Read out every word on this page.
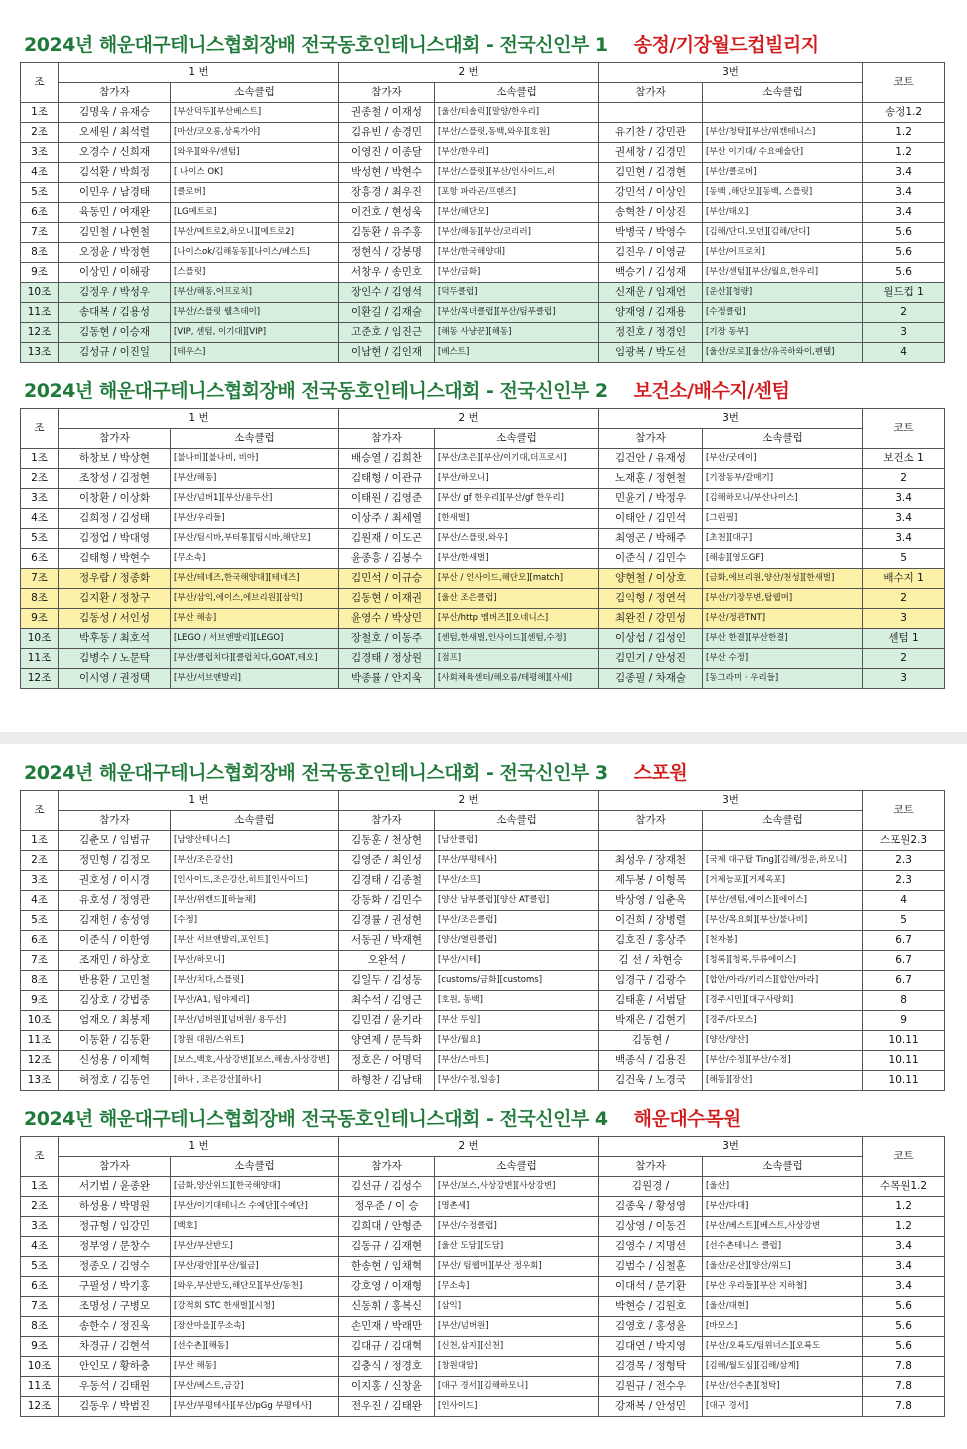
2024년 해운대구테니스협회장배 전국동호인테니스대회 - 전국신인부 1 송정/기장월드컵빌리지
조	1 번		2 번		3번		코트
	참가자	소속클럽	참가자	소속클럽	참가자	소속클럽	
1조	김명욱 / 유재승	[부산덕두][부산베스트]	권종철 / 이재성	[울산/티솔릭][말양/한우리]			송정1.2
2조	오세원 / 최석렬	[마산/코오롱,상록가야]	김유빈 / 송경민	[부산/스플릿,동백,와우][호원]	유기찬 / 강민관	[부산/청탁][부산/위캔테니스]	1.2
3조	오경수 / 신희재	[와우][와우/센텀]	이영진 / 이종달	[부산/한우리]	권세창 / 김경민	[부산 이기대/ 수요예술단]	1.2
4조	김석환 / 박희정	[ 나이스 OK]	박성현 / 박현수	[부산/스플릿][부산/인사이드,러	김민현 / 김경현	[부산/클로버]	3.4
5조	이민우 / 남경태	[클로버]	장흥경 / 최우진	[포항 파라곤/프랜즈]	강민석 / 이상인	[동백 ,해단모][동백, 스플릿]	3.4
6조	육동민 / 여재완	[LG메트로]	이건호 / 현성욱	[부산/해단모]	송혁찬 / 이상진	[부산/태오]	3.4
7조	김민철 / 나현철	[부산/메트로2,하모니][메트로2]	김동환 / 유주홍	[부산/해동][부산/코리러]	박병국 / 박영수	[김해/단디.모던][김해/단디]	5.6
8조	오정윤 / 박정현	[나이스ok/김해동동][나이스/베스트]	정현식 / 강봉명	[부산/한국해양대]	김진우 / 이영균	[부산/어프로치]	5.6
9조	이상민 / 이해광	[스플릿]	서창우 / 송민호	[부산/금화]	백승기 / 김성재	[부산/센텀][부산/월요,한우리]	5.6
10조	김정우 / 박성우	[부산/해동,어프로치]	장인수 / 김영석	[덕두클럽]	신재운 / 임재언	[운산][청량]	월드컵 1
11조	송대복 / 김용성	[부산/스플릿 웰츠데이]	이환길 / 김재술	[부산/목녀클럽][부산/팀푸클럽]	양재영 / 김재용	[수정클럽]	2
12조	김동현 / 이승재	[VIP, 센텀, 이기대][VIP]	고준호 / 임진근	[해동 사냥꾼][해동]	정진호 / 정경인	[기장 동부]	3
13조	김성규 / 이진일	[테우스]	이남현 / 김인재	[베스트]	임광복 / 박도선	[울산/로로][울산/유곡하와이,펜텔]	4
2024년 해운대구테니스협회장배 전국동호인테니스대회 - 전국신인부 2 보건소/배수지/센텀
조	1 번		2 번		3번		코트
	참가자	소속클럽	참가자	소속클럽	참가자	소속클럽	
1조	하창보 / 박상현	[불나비][불나비, 비아]	배승열 / 김희찬	[부산/초은][부산/이기대,더프로시]	김건안 / 유재성	[부산/굿데이]	보건소 1
2조	조창성 / 김정현	[부산/해동]	김태형 / 이관규	[부산/하모니]	노재훈 / 정현철	[기장동부/갈매기]	2
3조	이창환 / 이상화	[부산/넘버1][부산/용두산]	이태원 / 김영준	[부산/ gf 한우리][부산/gf 한우리]	민윤기 / 박정우	[김해하모니/부산나이스]	3.4
4조	김희정 / 김성태	[부산/우리들]	이상주 / 최세열	[한새벌]	이태안 / 김민석	[그린필]	3.4
5조	김정업 / 박대영	[부산/팀시바,부터통][팀시바,해단모]	김원재 / 이도곤	[부산/스플릿,와우]	최영곤 / 박해주	[초천][대구]	3.4
6조	김태형 / 박현수	[무소속]	윤종흥 / 김봉수	[부산/한새벌]	이준식 / 김민수	[해송][영도GF]	5
7조	정우람 / 정종화	[부산/테네즈,한국해양대][테네즈]	김민석 / 이규승	[부산 / 인사이드,해단모][match]	양현철 / 이상호	[금화,에브리원,양산/천성][한새벌]	배수지 1
8조	김지환 / 정창구	[부산/삼익,에이스,에브리원][삼익]	김동현 / 이재권	[울산 조은클럽]	김익형 / 정연석	[부산/기장무변,탑웹머]	2
9조	김동성 / 서인성	[부산 해송]	윤영수 / 박상민	[부산/http 멤버즈][오네니스]	최완진 / 강민성	[부산/정관TNT]	3
10조	박후동 / 최호석	[LEGO / 서브앤발리][LEGO]	장철호 / 이동주	[센텀,한새벌,인사이드][센텀,수정]	이상섭 / 김성인	[부산 한결][부산한결]	센텀 1
11조	김병수 / 노문탁	[부산/클럽치다][클럽치다,GOAT,테오]	김경태 / 정상원	[점프]	김민기 / 안성진	[부산 수정]	2
12조	이시영 / 권정택	[부산/서브앤발리]	박종률 / 안지욱	[사회체육센터/해오름/테평해][사세]	김종필 / 차재술	[동그라미 · 우리들]	3
2024년 해운대구테니스협회장배 전국동호인테니스대회 - 전국신인부 3 스포원
조	1 번		2 번		3번		코트
	참가자	소속클럽	참가자	소속클럽	참가자	소속클럽	
1조	김춘모 / 임범규	[남양산테니스]	김동훈 / 천상현	[남산클럽]			스포원2.3
2조	정민형 / 김정모	[부산/조은강산]	김영준 / 최인성	[부산/부평테사]	최성우 / 장재천	[국제 대구탑 Ting][김해/정운,하모니]	2.3
3조	권호성 / 이시경	[인사이드,조은강산,히트][인사이드]	김경태 / 김종철	[부산/소프]	제두봉 / 이형목	[거제능포][거제옥포]	2.3
4조	유호성 / 정영관	[부산/위캔드][하늘채]	강동화 / 김민수	[양산 남부클럽][양산 AT클럽]	박상영 / 임춘옥	[부산/센텀,에이스][에이스]	4
5조	김재헌 / 송성영	[수정]	김경률 / 권성현	[부산/조은클럽]	이건희 / 장병렬	[부산/목요회][부산/불나비]	5
6조	이준식 / 이한영	[부산 서브앤발리,포인트]	서동권 / 박재현	[양산/열린클럽]	김호진 / 홍상주	[천자봉]	6.7
7조	조재민 / 하상호	[부산/하모니]	오완석 /	[부산/시테]	김 선 / 차현승	[청록][청록,두류에이스]	6.7
8조	반용환 / 고민철	[부산/치다,스플릿]	김일두 / 김성동	[customs/금화][customs]	임경구 / 김광수	[합안/아라/키리스][합안/아라]	6.7
9조	김상호 / 강법중	[부산/A1, 팀야제리]	최수석 / 김영근	[호원, 동백]	김태훈 / 서범달	[경주시민][대구사랑회]	8
10조	엄재오 / 최봉제	[부산/넘버원][넘버원/ 용두산]	김민겸 / 윤기라	[부산 두일]	박재은 / 김현기	[경주/다모스]	9
11조	이동환 / 김동환	[창원 대원/스위트]	양연제 / 문득화	[부산/월요]	김동현 /	[양산/양산]	10.11
12조	신성용 / 이제혁	[보스,백호,사상강변][보스,해솔,사상강변]	정호은 / 어명덕	[부산/스마트]	백종식 / 김용진	[부산/수정][부산/수정]	10.11
13조	허정호 / 김동언	[하나 , 조은강산][하나]	하형찬 / 김남태	[부산/수정,일송]	김건욱 / 노경국	[해동][장산]	10.11
2024년 해운대구테니스협회장배 전국동호인테니스대회 - 전국신인부 4 해운대수목원
조	1 번		2 번		3번		코트
	참가자	소속클럽	참가자	소속클럽	참가자	소속클럽	
1조	서기범 / 윤종완	[금화,양산위드][한국해양대]	김선규 / 김성수	[부산/보스,사상강변][사상강변]	김원경 /	[울산]	수목원1.2
2조	하성용 / 박명원	[부산/이기대테니스 수예단][수예단]	정우준 / 이 승	[명촌세]	김종욱 / 황성영	[부산/다대]	1.2
3조	정규형 / 임강민	[백호]	김희대 / 안형준	[부산/수정클럽]	김상영 / 이동건	[부산/베스트][베스트,사상강변	1.2
4조	정부영 / 문창수	[부산/부산반도]	김동규 / 김재현	[울산 도담][도담]	김영수 / 지명선	[선수촌테니스 클럽]	3.4
5조	정종오 / 김영수	[부산/광안][부산/월금]	한송현 / 임채혁	[부산/ 팀웹머][부산 정우회]	김범수 / 심철훈	[울산/온산][양산/위드]	3.4
6조	구필성 / 박기홍	[와우,부산반도,해단모][부산/동천]	강호영 / 이재형	[무소속]	이대석 / 문기환	[부산 우리들][부산 지하철]	3.4
7조	조명성 / 구병모	[강적회 STC 한새벌][시청]	신동휘 / 홍복신	[삼익]	박현승 / 김원호	[울산/대현]	5.6
8조	송한수 / 정진욱	[장산마을][무소속]	손민재 / 박래만	[부산/넘버원]	김영호 / 홍성윤	[바모스]	5.6
9조	차경규 / 김현석	[선수촌][해동]	김대규 / 김대혁	[신천,삼지][신천]	김대연 / 박지영	[부산/오륙도/팀위너스][오륙도	5.6
10조	안인모 / 황하충	[부산 해동]	김충식 / 정경호	[창원대암]	김경목 / 정형탁	[김해/월도심][김해/삼계]	7.8
11조	우동석 / 김태원	[부산/베스트,금강]	이지홍 / 신창윤	[대구 경서][김해하모니]	김원규 / 전수우	[부산/선수촌][청탁]	7.8
12조	김동우 / 박범진	[부산/부평테사][부산/pGg 부평테사]	전우진 / 김태완	[인사이드]	강재복 / 안성민	[대구 경서]	7.8
